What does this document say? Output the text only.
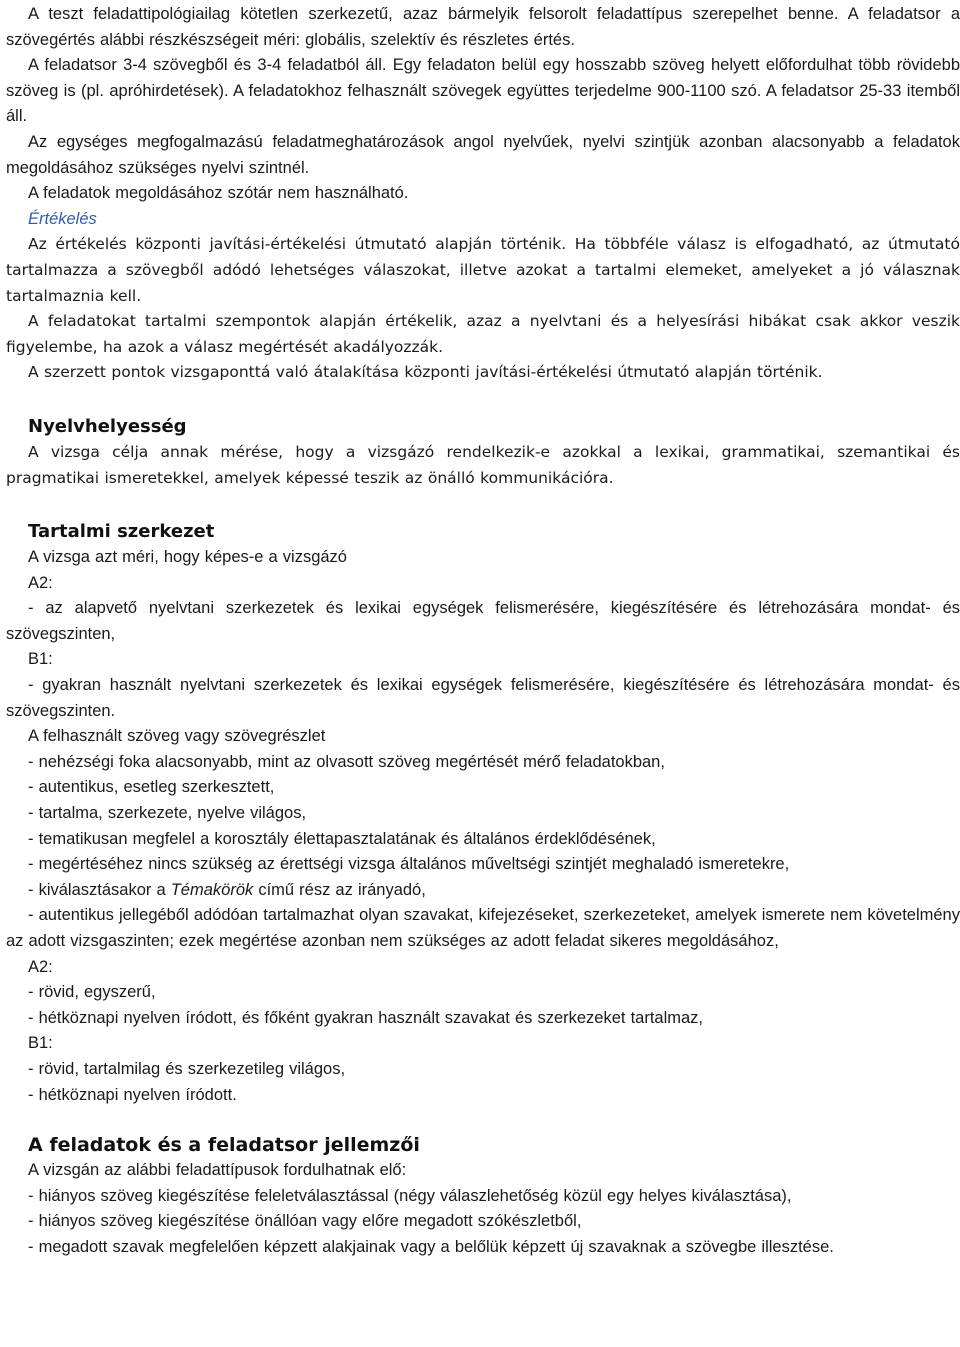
A teszt feladattipológiailag kötetlen szerkezetű, azaz bármelyik felsorolt feladattípus szerepelhet benne. A feladatsor a szövegértés alábbi részkészségeit méri: globális, szelektív és részletes értés.

A feladatsor 3-4 szövegből és 3-4 feladatból áll. Egy feladaton belül egy hosszabb szöveg helyett előfordulhat több rövidebb szöveg is (pl. apróhirdetések). A feladatokhoz felhasznált szövegek együttes terjedelme 900-1100 szó. A feladatsor 25-33 itemből áll.

Az egységes megfogalmazású feladatmeghatározások angol nyelvűek, nyelvi szintjük azonban alacsonyabb a feladatok megoldásához szükséges nyelvi szintnél.

A feladatok megoldásához szótár nem használható.

Értékelés

Az értékelés központi javítási-értékelési útmutató alapján történik. Ha többféle válasz is elfogadható, az útmutató tartalmazza a szövegből adódó lehetséges válaszokat, illetve azokat a tartalmi elemeket, amelyeket a jó válasznak tartalmaznia kell.

A feladatokat tartalmi szempontok alapján értékelik, azaz a nyelvtani és a helyesírási hibákat csak akkor veszik figyelembe, ha azok a válasz megértését akadályozzák.

A szerzett pontok vizsgaponttá való átalakítása központi javítási-értékelési útmutató alapján történik.

Nyelvhelyesség

A vizsga célja annak mérése, hogy a vizsgázó rendelkezik-e azokkal a lexikai, grammatikai, szemantikai és pragmatikai ismeretekkel, amelyek képessé teszik az önálló kommunikációra.

Tartalmi szerkezet

A vizsga azt méri, hogy képes-e a vizsgázó

A2:

- az alapvető nyelvtani szerkezetek és lexikai egységek felismerésére, kiegészítésére és létrehozására mondat- és szövegszinten,

B1:

- gyakran használt nyelvtani szerkezetek és lexikai egységek felismerésére, kiegészítésére és létrehozására mondat- és szövegszinten.

A felhasznált szöveg vagy szövegrészlet

- nehézségi foka alacsonyabb, mint az olvasott szöveg megértését mérő feladatokban,

- autentikus, esetleg szerkesztett,

- tartalma, szerkezete, nyelve világos,

- tematikusan megfelel a korosztály élettapasztalatának és általános érdeklődésének,

- megértéséhez nincs szükség az érettségi vizsga általános műveltségi szintjét meghaladó ismeretekre,

- kiválasztásakor a Témakörök című rész az irányadó,

- autentikus jellegéből adódóan tartalmazhat olyan szavakat, kifejezéseket, szerkezeteket, amelyek ismerete nem követelmény az adott vizsgaszinten; ezek megértése azonban nem szükséges az adott feladat sikeres megoldásához,

A2:

- rövid, egyszerű,

- hétköznapi nyelven íródott, és főként gyakran használt szavakat és szerkezeket tartalmaz,

B1:

- rövid, tartalmilag és szerkezetileg világos,

- hétköznapi nyelven íródott.

A feladatok és a feladatsor jellemzői

A vizsgán az alábbi feladattípusok fordulhatnak elő:

- hiányos szöveg kiegészítése feleletválasztással (négy válaszlehetőség közül egy helyes kiválasztása),

- hiányos szöveg kiegészítése önállóan vagy előre megadott szókészletből,

- megadott szavak megfelelően képzett alakjainak vagy a belőlük képzett új szavaknak a szövegbe illesztése.
